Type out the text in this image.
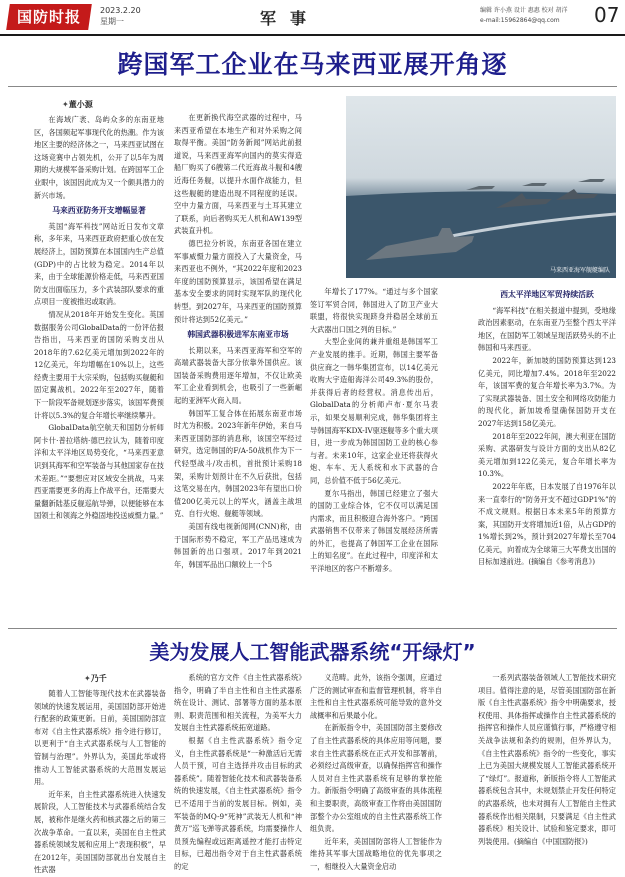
国防时报	2023.2.20
星期一	军事	编辑 许小燕 设计 惠惠 校对 胡洋
e-mail:15962864@qq.com	07
跨国军工企业在马来西亚展开角逐
✦ 董小源

在海域广袤、岛屿众多的东南亚地区，各国频起军事现代化的热潮。作为该地区主要的经济体之一，马来西亚试图在这场竞赛中占领先机，公开了以5年为周期的大规模军备采购计划。在跨国军工企业眼中，该国因此成为又一个颇具潜力的新兴市场。

马来西亚防务开支增幅显著

英国“海军科技”网站近日发布文章称，多年来，马来西亚政府把重心放在发展经济上，国防预算在本国国内生产总值(GDP)中的占比较为稳定。2014年以来，由于全球能源价格走低，马来西亚国防支出面临压力，多个武装部队要求的重点项目一度被推迟或取消。

情况从2018年开始发生变化。英国数据服务公司GlobalData的一份评估报告指出，马来西亚的国防采购支出从2018年的7.62亿美元增加到2022年的12亿美元，年均增幅在10%以上，这些经费主要用于大宗采购，包括购买舰艇和固定翼战机。2022年至2027年，随着下一阶段军备规划逐步落实，该国军费预计将以5.3%的复合年增长率继续攀升。

GlobalData航空航天和国防分析师阿卡什·普拉塔纳·德巴拉认为，随着印度洋和太平洋地区局势变化，“马来西亚意识到其海军和空军装备与其他国家存在技术差距。”“要想应对区域安全挑战，马来西亚需要更多的海上作战平台，还需要大量翻新陆基反舰巡航导弹，以便能够在本国领土和领海之外稳固地投送威慑力量。”

在更新换代海空武器的过程中，马来西亚希望在本地生产和对外采购之间取得平衡。美国“防务新闻”网站此前报道说，马来西亚海军向国内的莫实得造船厂购买了6艘第二代近海战斗舰和4艘近海任务舰，以提升水面作战能力，但这些舰艇的建造出现不同程度的延误。空中力量方面，马来西亚与土耳其建立了联系，向后者购买无人机和AW139型武装直升机。

德巴拉分析说，东南亚各国在建立军事威慑力量方面投入了大量资金，马来西亚也不例外，“其2022年度和2023年度的国防预算显示，该国希望在满足基本安全要求的同时实现军队的现代化转型。到2027年，马来西亚的国防预算预计将达到52亿美元。”

韩国武器积极进军东南亚市场

长期以来，马来西亚海军和空军的高端武器装备大部分依靠外国供应。该国装备采购费用逐年增加，不仅让欧美军工企业看到机会，也吸引了一些新崛起的亚洲军火商入局。

韩国军工复合体在拓展东南亚市场时尤为积极。2023年新年伊始，来自马来西亚国防部的消息称，该国空军经过研究，选定韩国的F/A-50战机作为下一代轻型战斗/攻击机，首批预计采购18架，采购计划预计在不久后获批，包括这笔交易在内，韩国2023年有望出口价值200亿美元以上的军火，涵盖主战坦克、自行火炮、舰艇等领域。

美国有线电视新闻网(CNN)称，由于国际形势不稳定，军工产品迅速成为韩国新的出口强项。2017年到2021年，韩国军品出口额较上一个5

马来西亚海军舰艇编队

年增长了177%。“通过与多个国家签订军贸合同，韩国进入了防卫产业大联盟，将很快实现跻身并稳居全球前五大武器出口国之列的目标。”

大型企业间的兼并重组是韩国军工产业发展的推手。近期，韩国主要军备供应商之一韩华集团宣布，以14亿美元收购大宇造船海洋公司49.3%的股份，并获得后者的经营权。消息传出后，GlobalData的分析师卢布·夏尔马表示，如果交易顺利完成，韩华集团将主导韩国海军KDX-IV驱逐舰等多个重大项目，进一步成为韩国国防工业的核心参与者。未来10年，这家企业还将获得火炮、车车、无人系统和水下武器的合同，总价值不低于56亿美元。

夏尔马指出，韩国已经建立了强大的国防工业综合体，它不仅可以满足国内需求，而且积极迎合海外客户。“跨国武器销售不仅带来了韩国发展经济所需的外汇，也提高了韩国军工企业在国际上的知名度”。在此过程中，印度洋和太平洋地区的客户不断增多。

西太平洋地区军贸持续活跃

“海军科技”在相关报道中提到，受地缘政治因素驱动，在东南亚乃至整个西太平洋地区，在国防军工领域呈现活跃势头的不止韩国和马来西亚。

2022年，新加坡的国防预算达到123亿美元，同比增加7.4%。2018年至2022年，该国军费的复合年增长率为3.7%。为了实现武器装备、国土安全和网络攻防能力的现代化，新加坡希望确保国防开支在2027年达到158亿美元。

2018年至2022年间，澳大利亚在国防采购、武器研发与设计方面的支出从82亿美元增加到122亿美元，复合年增长率为10.3%。

2022年年底，日本发展了自1976年以来一直奉行的“防务开支不超过GDP1%”的不成文规则。根据日本未来5年的预算方案，其国防开支将增加近1倍，从占GDP的1%增长到2%，预计到2027年增长至704亿美元，向着成为全球第三大军费支出国的目标加速前进。(摘编自《参考消息》)

美为发展人工智能武器系统“开绿灯”
✦ 乃千

随着人工智能等现代技术在武器装备领域的快速发展运用，美国国防部开始进行配套的政策更新。日前，美国国防部宣布对《自主性武器系统》指令进行修订，以更利于“自主式武器系统与人工智能的管制与治理”。外界认为，美国此举或将推动人工智能武器系统的大范围发展运用。

近年来，自主性武器系统进入快速发展阶段，人工智能技术与武器系统结合发展，被称作是继火药和核武器之后的第三次战争革命。一直以来，美国在自主性武器系统领域发展和应用上“表现积极”，早在2012年，美国国防部就出台发展自主性武器

系统的官方文件《自主性武器系统》指令，明确了半自主性和自主性武器系统在设计、测试、部署等方面的基本原则、职责范围和相关流程，为美军大力发展自主性武器系统拓宽道路。

根据《自主性武器系统》指令定义，自主性武器系统是“一种激活后无需人员干预，可自主选择并攻击目标的武器系统”。随着智能化技术和武器装备系统的快速发展，《自主性武器系统》指令已不适用于当前的发展目标。例如，美军装备的MQ-9“死神”武装无人机和“神黄万”巡飞弹等武器系统，均需要操作人员预先编程或远距离遥控才能打击特定目标，已超出指令对于自主性武器系统的定

义范畴。此外，该指令强调，应通过广泛的测试审查和监督管理机制，将半自主性和自主性武器系统可能导致的意外交战概率和后果最小化。

在新版指令中，美国国防部主要修改了自主性武器系统的具体应用等问题，要求自主性武器系统在正式开发和部署前，必须经过高级审查，以确保指挥官和操作人员对自主性武器系统有足够的掌控能力。新版指令明确了高级审查的具体流程和主要职责，高级审查工作将由美国国防部整个办公室组成的自主性武器系统工作组负责。

近年来，美国国防部将人工智能作为维持其军事大国战略地位的优先事项之一，相继投入大量资金启动

一系列武器装备领域人工智能技术研究项目。值得注意的是，尽管美国国防部在新版《自主性武器系统》指令中明确要求，授权使用、具体指挥或操作自主性武器系统的指挥官和操作人员应谨慎行事，严格遵守相关战争法规和条约的规则，但外界认为，《自主性武器系统》指令的一些变化，事实上已为美国大规模发展人工智能武器系统开了“绿灯”。报道称，新版指令将人工智能武器系统包含其中，未规划禁止开发任何特定的武器系统，也未对拥有人工智能自主性武器系统作出相关限制，只要满足《自主性武器系统》相关设计、试验和鉴定要求，即可列装使用。(摘编自《中国国防报》)
